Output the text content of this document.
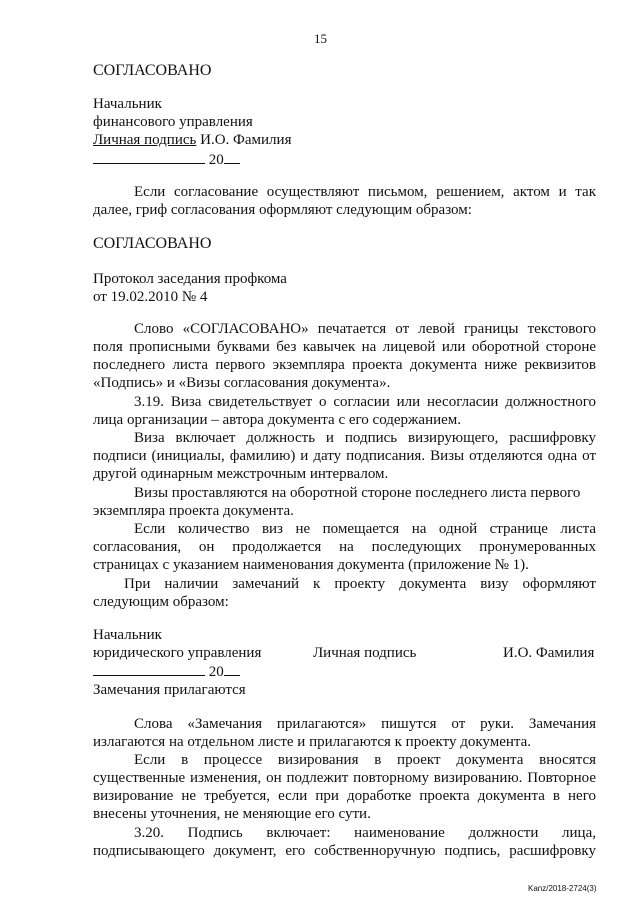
15
СОГЛАСОВАНО
Начальник
финансового управления
Личная подпись И.О. Фамилия
20
Если согласование осуществляют письмом, решением, актом и так
далее, гриф согласования оформляют следующим образом:
СОГЛАСОВАНО
Протокол заседания профкома
от 19.02.2010 № 4
Слово «СОГЛАСОВАНО» печатается от левой границы текстового
поля прописными буквами без кавычек на лицевой или оборотной стороне
последнего листа первого экземпляра проекта документа ниже реквизитов
«Подпись» и «Визы согласования документа».
3.19. Виза свидетельствует о согласии или несогласии должностного
лица организации – автора документа с его содержанием.
Виза включает должность и подпись визирующего, расшифровку
подписи (инициалы, фамилию) и дату подписания. Визы отделяются одна от
другой одинарным межстрочным интервалом.
Визы проставляются на оборотной стороне последнего листа первого
экземпляра проекта документа.
Если количество виз не помещается на одной странице листа
согласования, он продолжается на последующих пронумерованных
страницах с указанием наименования документа (приложение № 1).
При наличии замечаний к проекту документа визу оформляют
следующим образом:
Начальник
юридического управления	Личная подпись	И.О. Фамилия
20
Замечания прилагаются
Слова «Замечания прилагаются» пишутся от руки. Замечания
излагаются на отдельном листе и прилагаются к проекту документа.
Если в процессе визирования в проект документа вносятся
существенные изменения, он подлежит повторному визированию. Повторное
визирование не требуется, если при доработке проекта документа в него
внесены уточнения, не меняющие его сути.
3.20. Подпись включает: наименование должности лица,
подписывающего документ, его собственноручную подпись, расшифровку
Kanz/2018-2724(3)
